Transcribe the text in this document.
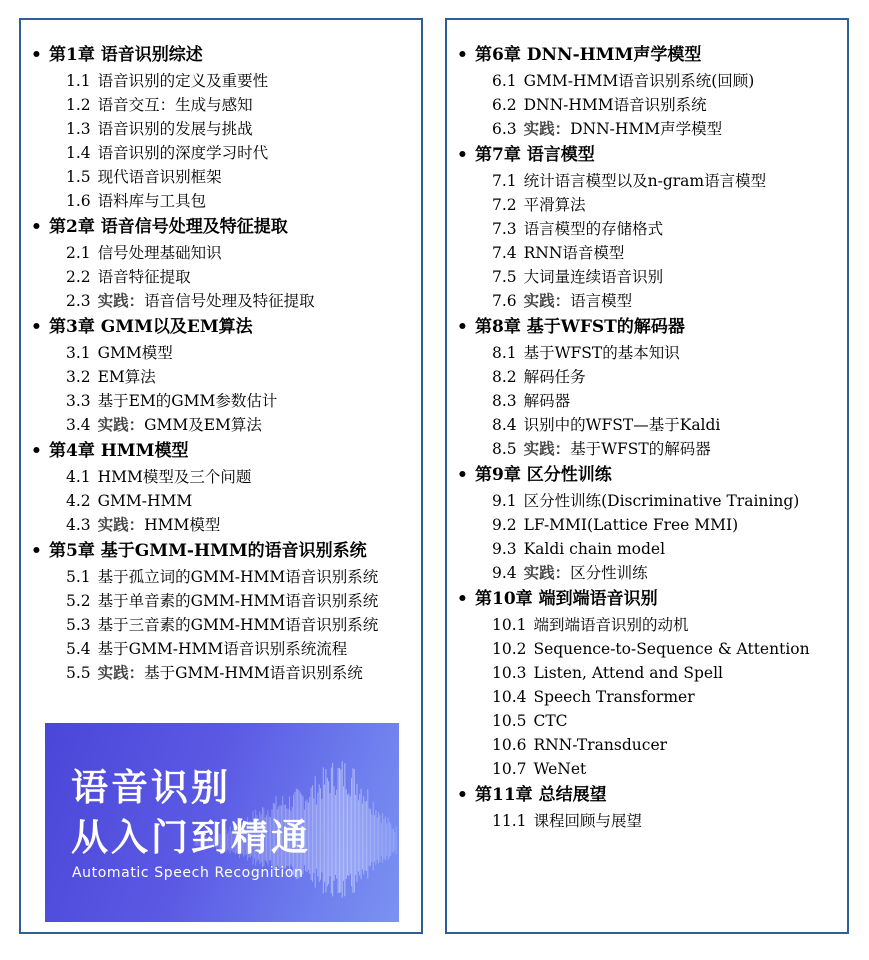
• 第1章 语音识别综述
1.1 语音识别的定义及重要性
1.2 语音交互：生成与感知
1.3 语音识别的发展与挑战
1.4 语音识别的深度学习时代
1.5 现代语音识别框架
1.6 语料库与工具包
• 第2章 语音信号处理及特征提取
2.1 信号处理基础知识
2.2 语音特征提取
2.3 实践：语音信号处理及特征提取
• 第3章 GMM以及EM算法
3.1 GMM模型
3.2 EM算法
3.3 基于EM的GMM参数估计
3.4 实践：GMM及EM算法
• 第4章 HMM模型
4.1 HMM模型及三个问题
4.2 GMM-HMM
4.3 实践：HMM模型
• 第5章 基于GMM-HMM的语音识别系统
5.1 基于孤立词的GMM-HMM语音识别系统
5.2 基于单音素的GMM-HMM语音识别系统
5.3 基于三音素的GMM-HMM语音识别系统
5.4 基于GMM-HMM语音识别系统流程
5.5 实践：基于GMM-HMM语音识别系统
语音识别
从入门到精通
Automatic Speech Recognition
• 第6章 DNN-HMM声学模型
6.1 GMM-HMM语音识别系统(回顾)
6.2 DNN-HMM语音识别系统
6.3 实践：DNN-HMM声学模型
• 第7章 语言模型
7.1 统计语言模型以及n-gram语言模型
7.2 平滑算法
7.3 语言模型的存储格式
7.4 RNN语音模型
7.5 大词量连续语音识别
7.6 实践：语言模型
• 第8章 基于WFST的解码器
8.1 基于WFST的基本知识
8.2 解码任务
8.3 解码器
8.4 识别中的WFST—基于Kaldi
8.5 实践：基于WFST的解码器
• 第9章 区分性训练
9.1 区分性训练(Discriminative Training)
9.2 LF-MMI(Lattice Free MMI)
9.3 Kaldi chain model
9.4 实践：区分性训练
• 第10章 端到端语音识别
10.1 端到端语音识别的动机
10.2 Sequence-to-Sequence & Attention
10.3 Listen, Attend and Spell
10.4 Speech Transformer
10.5 CTC
10.6 RNN-Transducer
10.7 WeNet
• 第11章 总结展望
11.1 课程回顾与展望
